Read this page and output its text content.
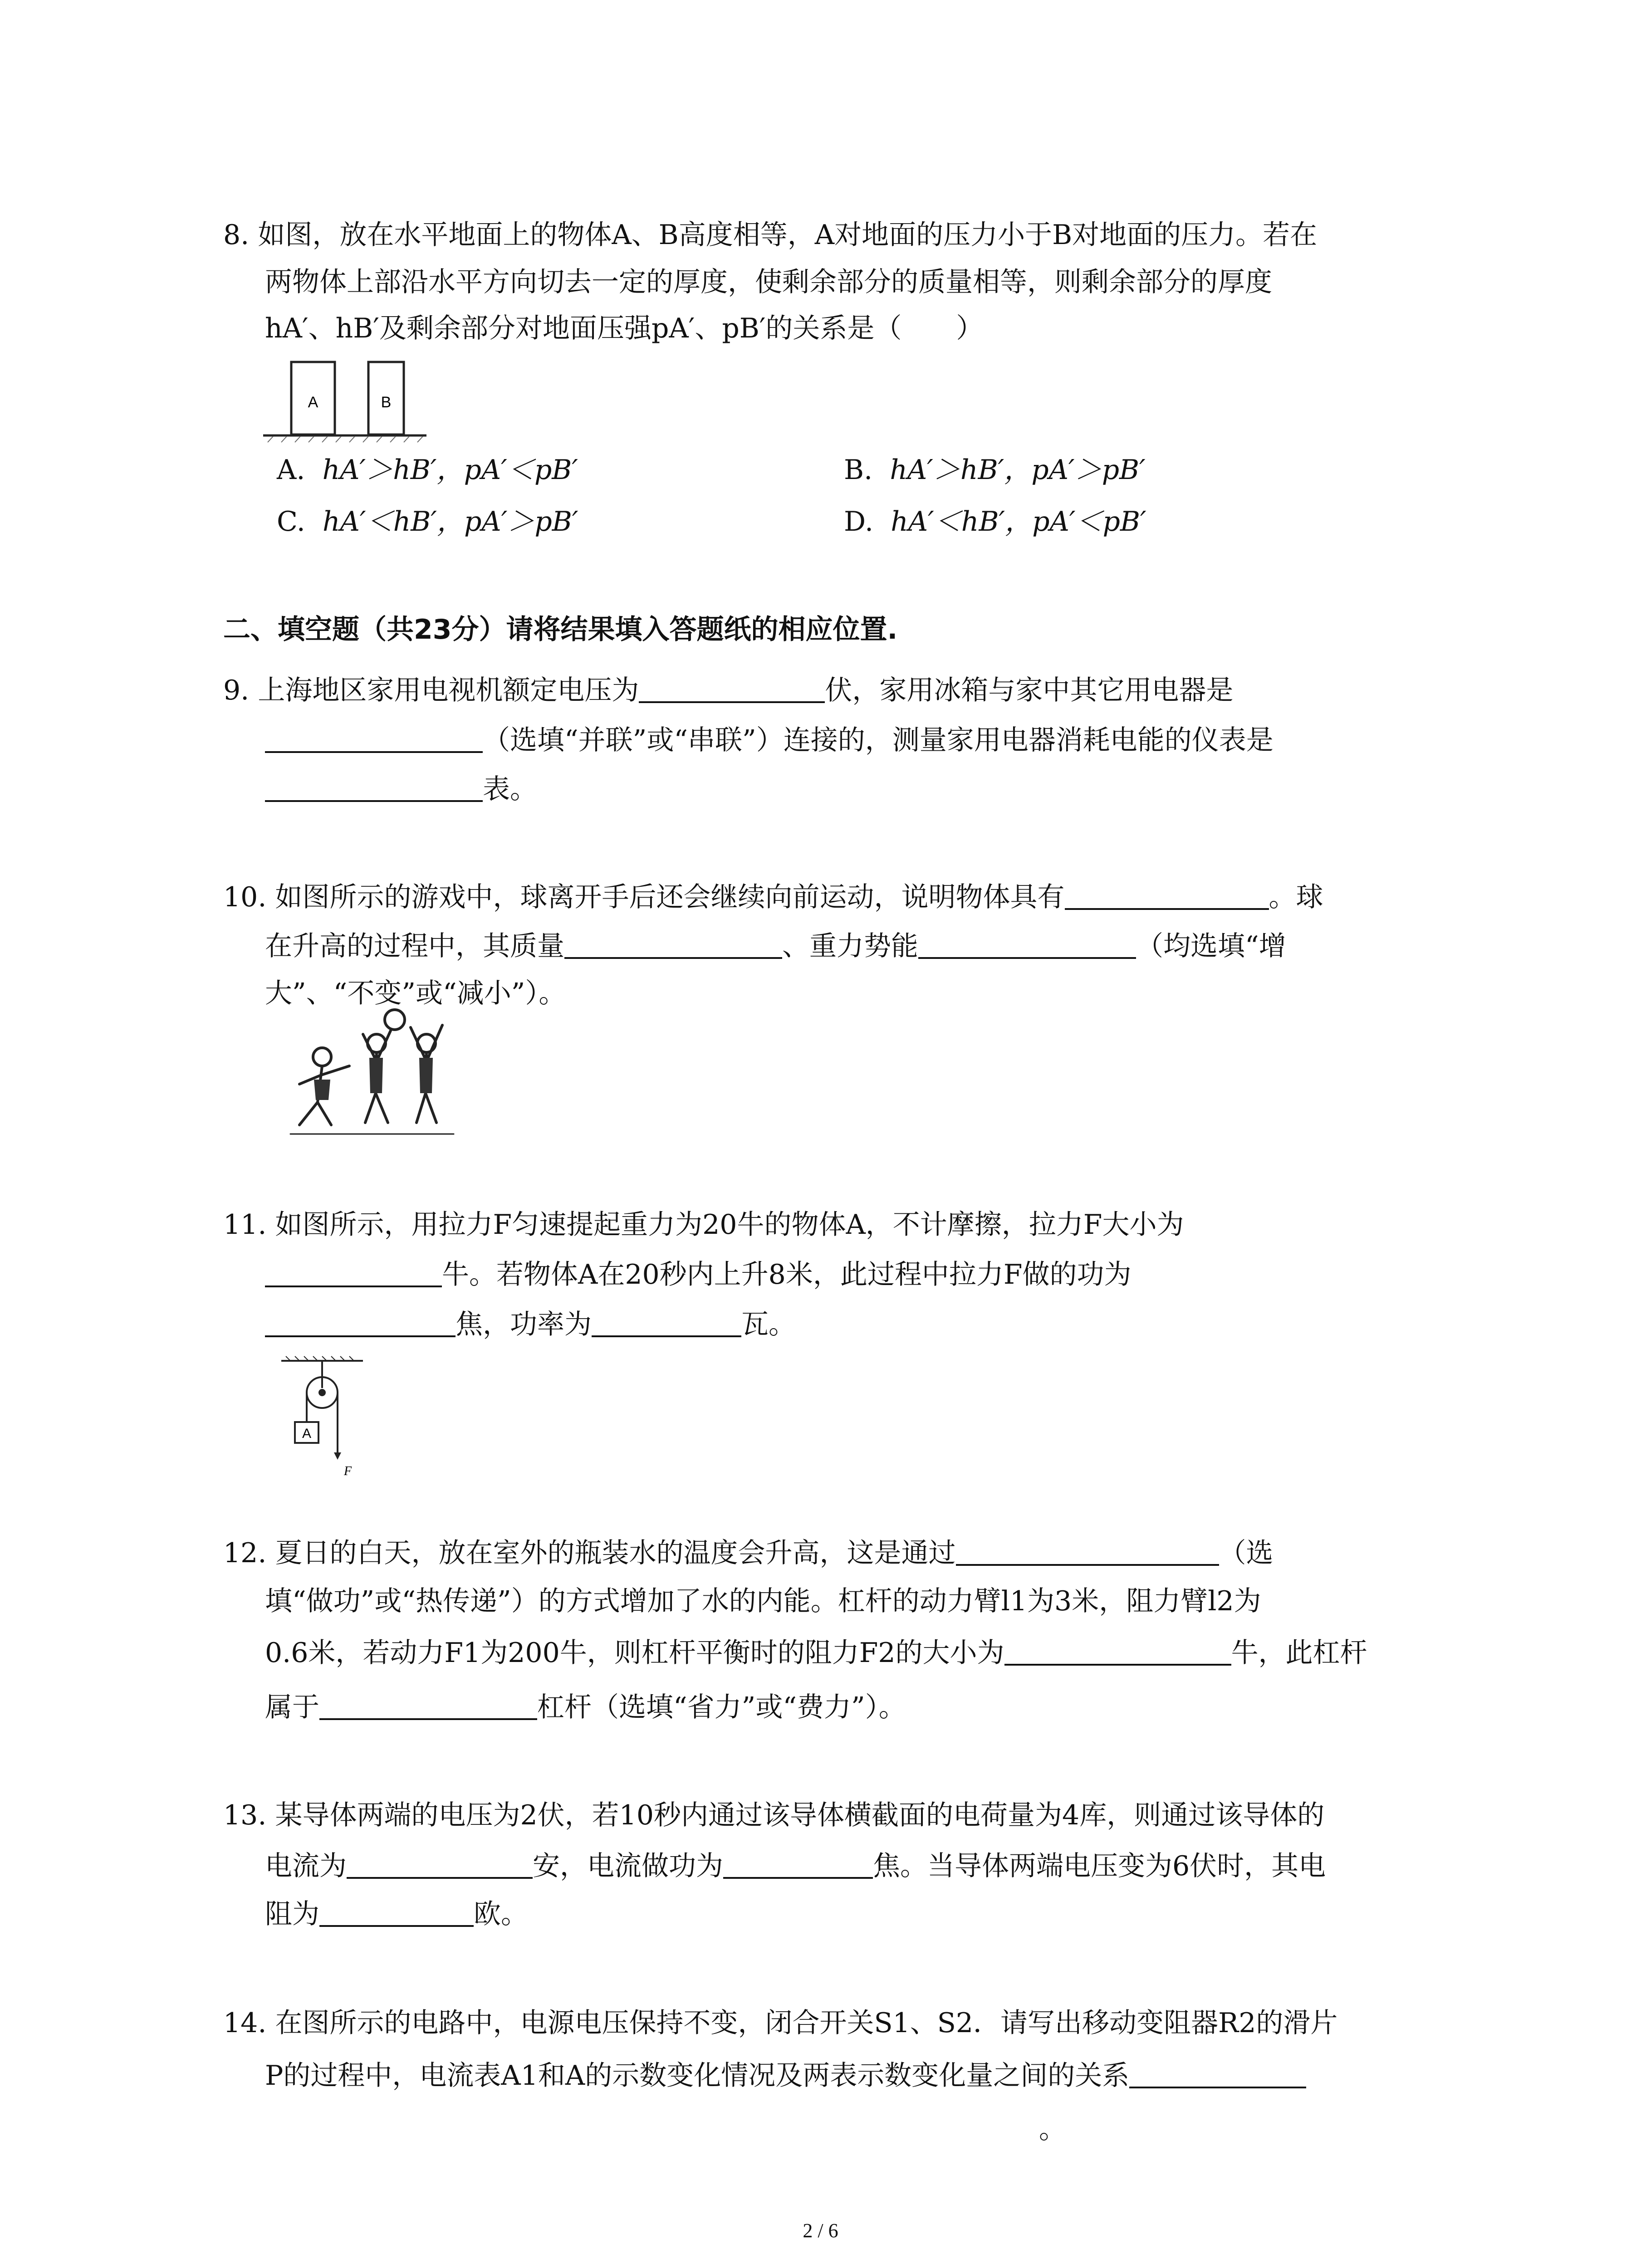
8. 如图，放在水平地面上的物体A、B高度相等，A对地面的压力小于B对地面的压力。若在
两物体上部沿水平方向切去一定的厚度，使剩余部分的质量相等，则剩余部分的厚度
hA′、hB′及剩余部分对地面压强pA′、pB′的关系是（　　）
A	B
A. hA′＞hB′，pA′＜pB′	B. hA′＞hB′，pA′＞pB′
C. hA′＜hB′，pA′＞pB′	D. hA′＜hB′，pA′＜pB′
二、填空题（共23分）请将结果填入答题纸的相应位置.
9. 上海地区家用电视机额定电压为	伏，家用冰箱与家中其它用电器是
（选填“并联”或“串联”）连接的，测量家用电器消耗电能的仪表是
表。
10. 如图所示的游戏中，球离开手后还会继续向前运动，说明物体具有	。球
在升高的过程中，其质量	、重力势能	（均选填“增
大”、“不变”或“减小”）。
11. 如图所示，用拉力F匀速提起重力为20牛的物体A，不计摩擦，拉力F大小为
牛。若物体A在20秒内上升8米，此过程中拉力F做的功为
焦，功率为	瓦。
A
F
12. 夏日的白天，放在室外的瓶装水的温度会升高，这是通过	（选
填“做功”或“热传递”）的方式增加了水的内能。杠杆的动力臂l1为3米，阻力臂l2为
0.6米，若动力F1为200牛，则杠杆平衡时的阻力F2的大小为	牛，此杠杆
属于	杠杆（选填“省力”或“费力”）。
13. 某导体两端的电压为2伏，若10秒内通过该导体横截面的电荷量为4库，则通过该导体的
电流为	安，电流做功为	焦。当导体两端电压变为6伏时，其电
阻为	欧。
14. 在图所示的电路中，电源电压保持不变，闭合开关S1、S2．请写出移动变阻器R2的滑片
P的过程中，电流表A1和A的示数变化情况及两表示数变化量之间的关系
。
2 / 6
